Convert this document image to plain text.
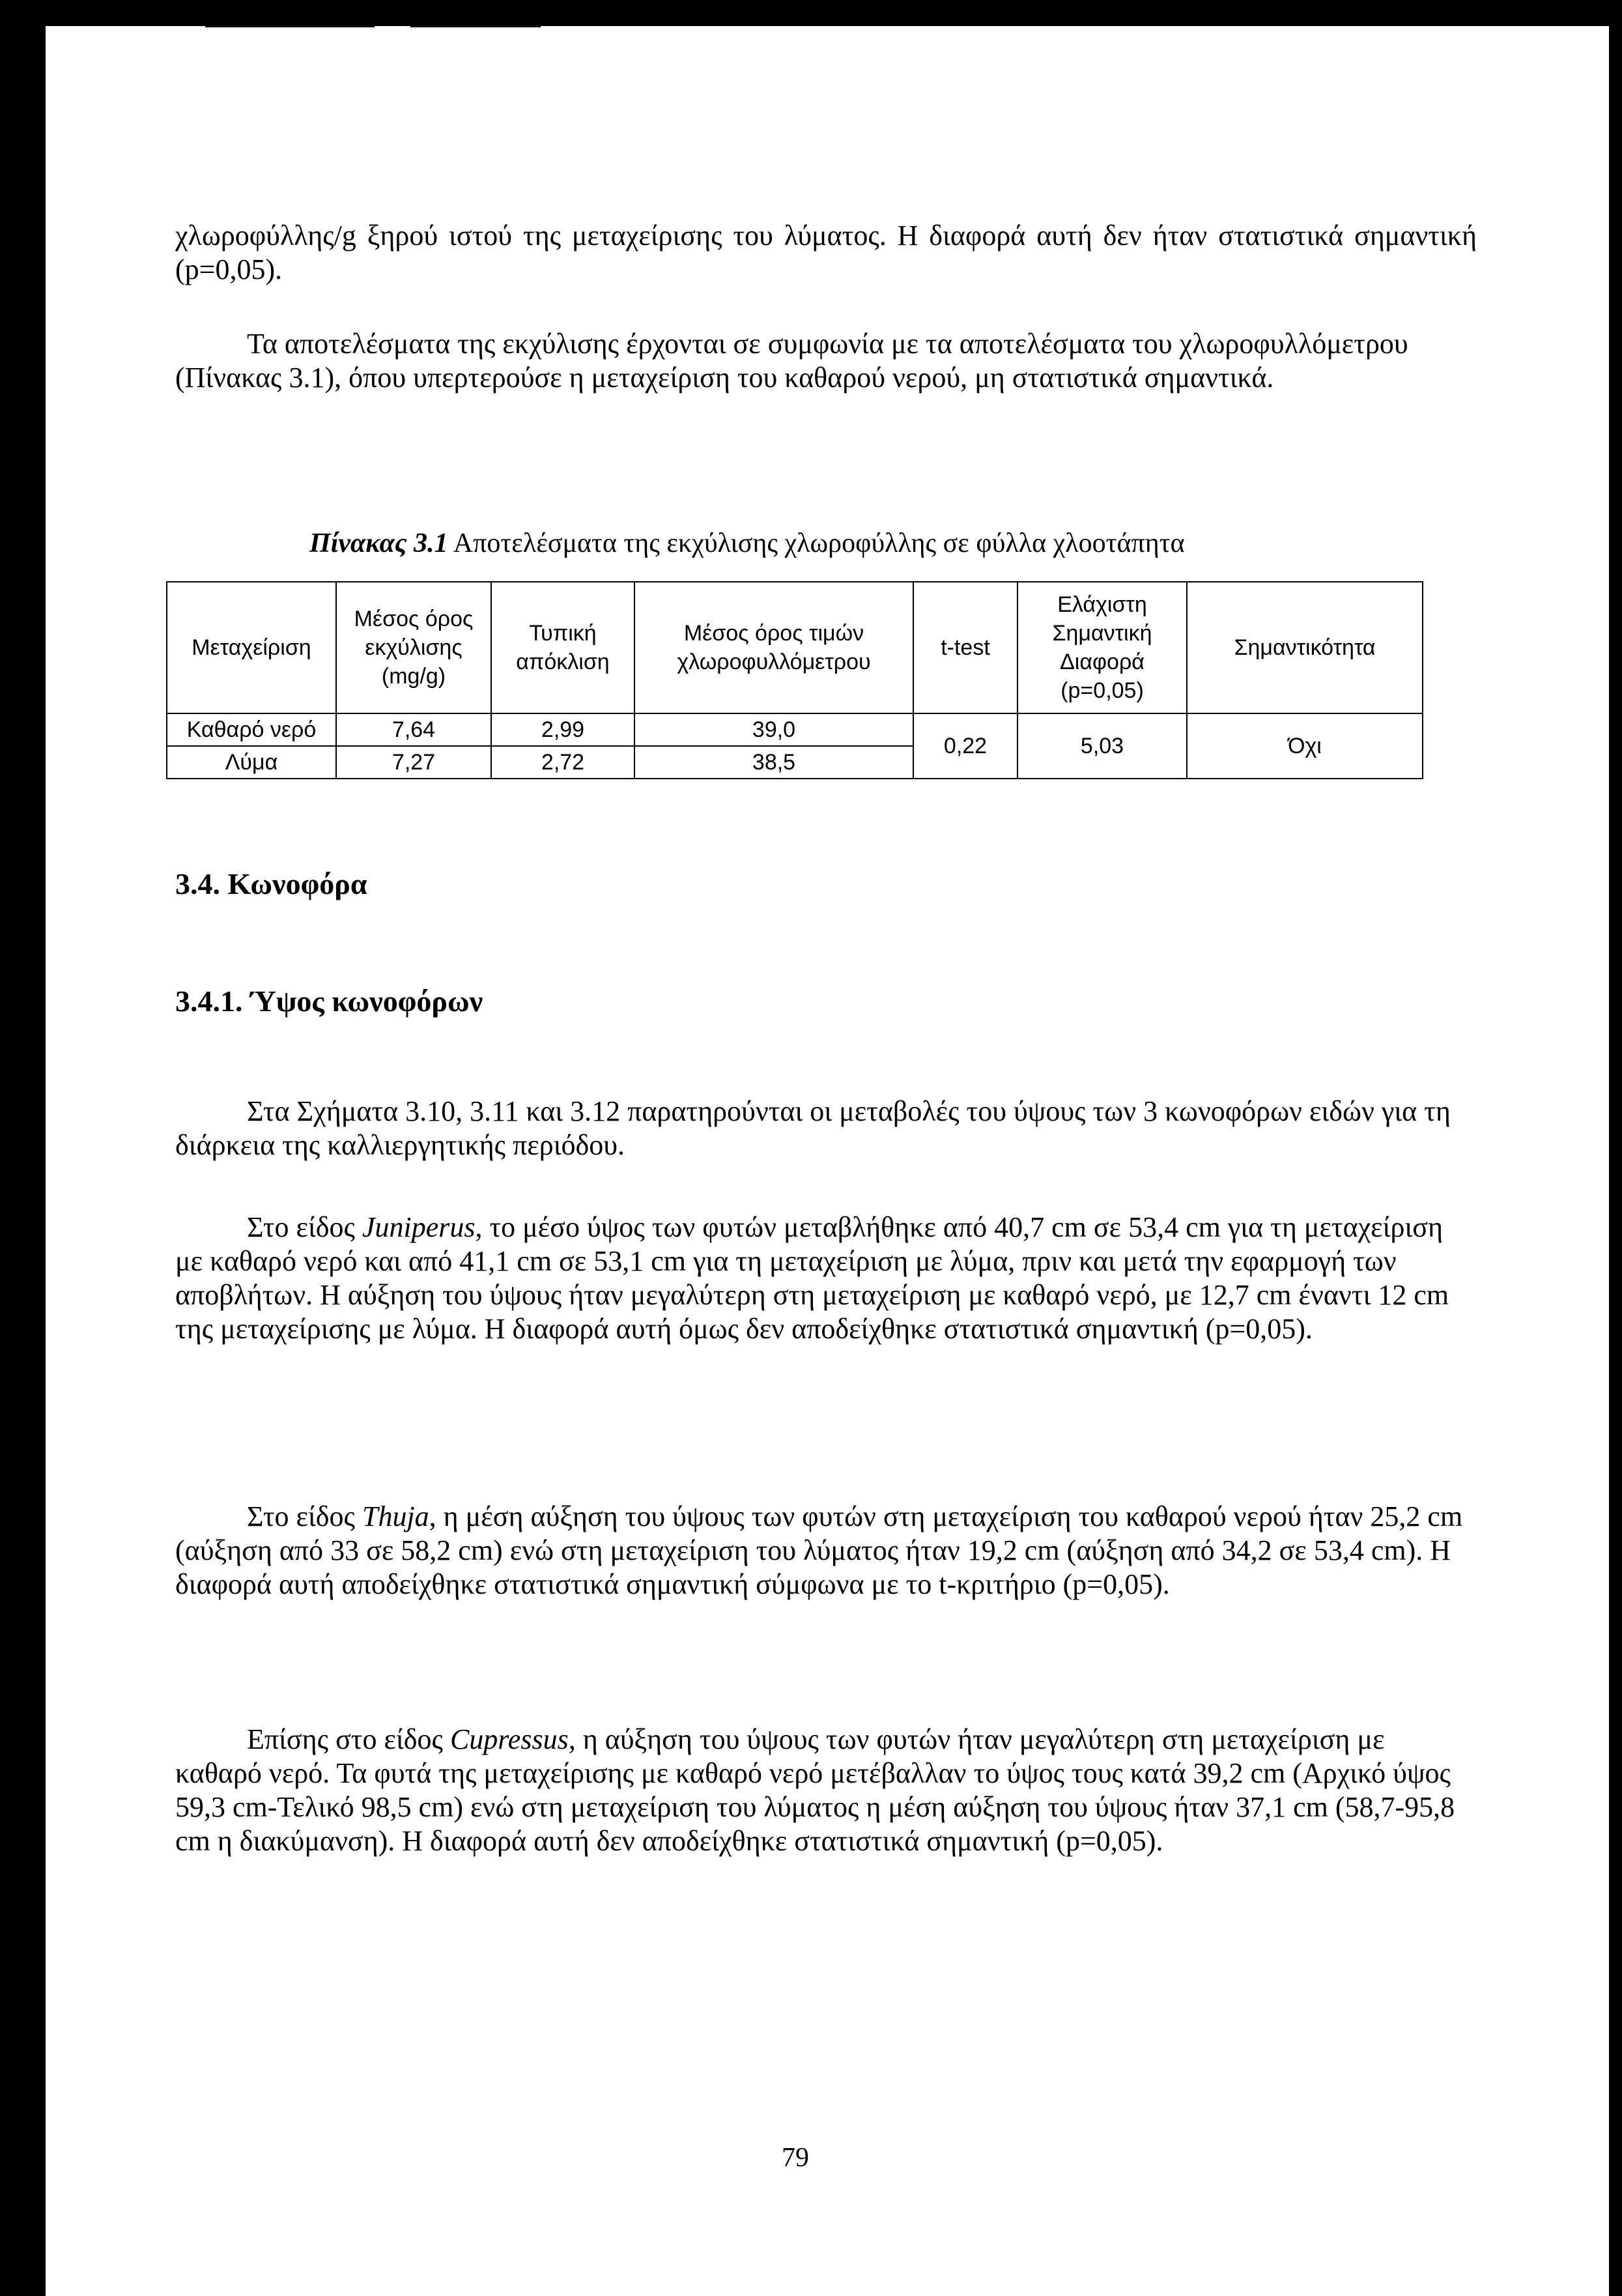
χλωροφύλλης/g ξηρού ιστού της μεταχείρισης του λύματος. Η διαφορά αυτή δεν ήταν στατιστικά σημαντική (p=0,05).

Τα αποτελέσματα της εκχύλισης έρχονται σε συμφωνία με τα αποτελέσματα του χλωροφυλλόμετρου (Πίνακας 3.1), όπου υπερτερούσε η μεταχείριση του καθαρού νερού, μη στατιστικά σημαντικά.

Πίνακας 3.1 Αποτελέσματα της εκχύλισης χλωροφύλλης σε φύλλα χλοοτάπητα
Μεταχείριση	Μέσος όρος εκχύλισης (mg/g)	Τυπική απόκλιση	Μέσος όρος τιμών χλωροφυλλόμετρου	t-test	Ελάχιστη Σημαντική Διαφορά (p=0,05)	Σημαντικότητα
Καθαρό νερό	7,64	2,99	39,0	0,22	5,03	Όχι
Λύμα	7,27	2,72	38,5			
3.4. Κωνοφόρα
3.4.1. Ύψος κωνοφόρων

Στα Σχήματα 3.10, 3.11 και 3.12 παρατηρούνται οι μεταβολές του ύψους των 3 κωνοφόρων ειδών για τη διάρκεια της καλλιεργητικής περιόδου.

Στο είδος Juniperus, το μέσο ύψος των φυτών μεταβλήθηκε από 40,7 cm σε 53,4 cm για τη μεταχείριση με καθαρό νερό και από 41,1 cm σε 53,1 cm για τη μεταχείριση με λύμα, πριν και μετά την εφαρμογή των αποβλήτων. Η αύξηση του ύψους ήταν μεγαλύτερη στη μεταχείριση με καθαρό νερό, με 12,7 cm έναντι 12 cm της μεταχείρισης με λύμα. Η διαφορά αυτή όμως δεν αποδείχθηκε στατιστικά σημαντική (p=0,05).

Στο είδος Thuja, η μέση αύξηση του ύψους των φυτών στη μεταχείριση του καθαρού νερού ήταν 25,2 cm (αύξηση από 33 σε 58,2 cm) ενώ στη μεταχείριση του λύματος ήταν 19,2 cm (αύξηση από 34,2 σε 53,4 cm). Η διαφορά αυτή αποδείχθηκε στατιστικά σημαντική σύμφωνα με το t-κριτήριο (p=0,05).

Επίσης στο είδος Cupressus, η αύξηση του ύψους των φυτών ήταν μεγαλύτερη στη μεταχείριση με καθαρό νερό. Τα φυτά της μεταχείρισης με καθαρό νερό μετέβαλλαν το ύψος τους κατά 39,2 cm (Αρχικό ύψος 59,3 cm-Τελικό 98,5 cm) ενώ στη μεταχείριση του λύματος η μέση αύξηση του ύψους ήταν 37,1 cm (58,7-95,8 cm η διακύμανση). Η διαφορά αυτή δεν αποδείχθηκε στατιστικά σημαντική (p=0,05).

79
